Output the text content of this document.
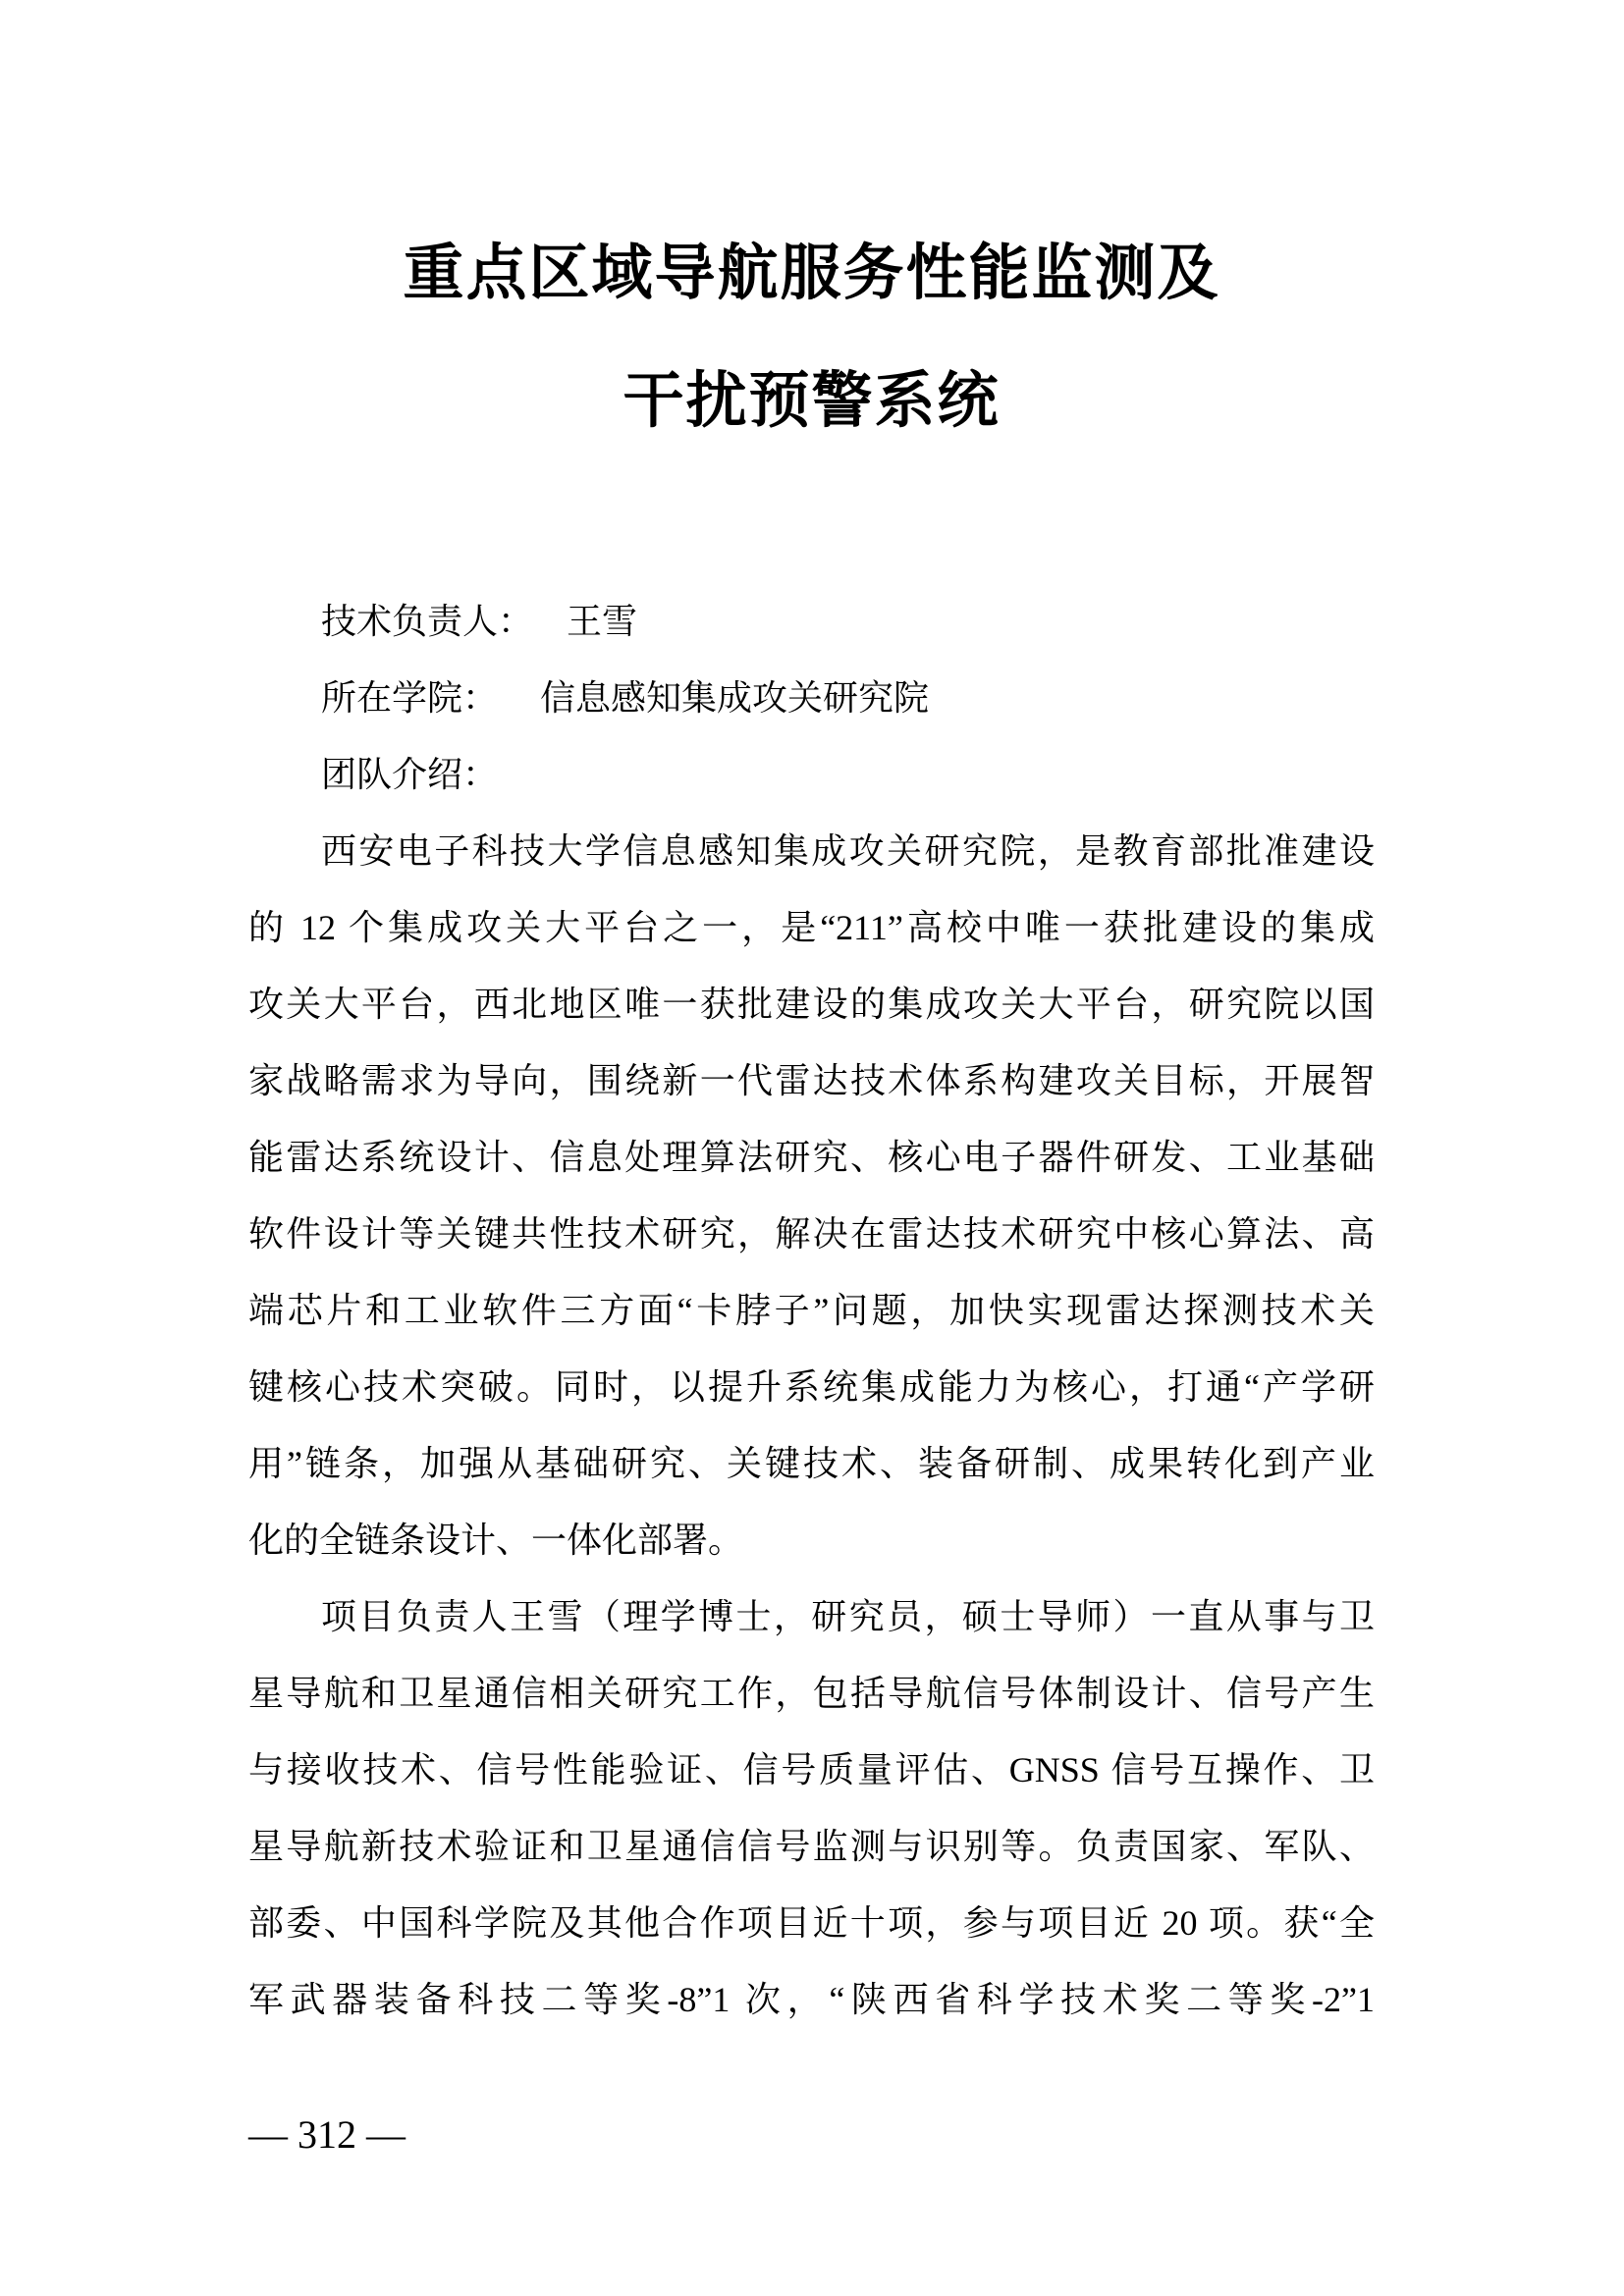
重点区域导航服务性能监测及
干扰预警系统
技术负责人： 王雪
所在学院： 信息感知集成攻关研究院
团队介绍：
西安电子科技大学信息感知集成攻关研究院，是教育部批准建设
的 12 个集成攻关大平台之一，是“211”高校中唯一获批建设的集成
攻关大平台，西北地区唯一获批建设的集成攻关大平台，研究院以国
家战略需求为导向，围绕新一代雷达技术体系构建攻关目标，开展智
能雷达系统设计、信息处理算法研究、核心电子器件研发、工业基础
软件设计等关键共性技术研究，解决在雷达技术研究中核心算法、高
端芯片和工业软件三方面“卡脖子”问题，加快实现雷达探测技术关
键核心技术突破。同时，以提升系统集成能力为核心，打通“产学研
用”链条，加强从基础研究、关键技术、装备研制、成果转化到产业
化的全链条设计、一体化部署。
项目负责人王雪（理学博士，研究员，硕士导师）一直从事与卫
星导航和卫星通信相关研究工作，包括导航信号体制设计、信号产生
与接收技术、信号性能验证、信号质量评估、GNSS 信号互操作、卫
星导航新技术验证和卫星通信信号监测与识别等。负责国家、军队、
部委、中国科学院及其他合作项目近十项，参与项目近 20 项。获“全
军武器装备科技二等奖-8”1 次，“陕西省科学技术奖二等奖-2”1
— 312 —
